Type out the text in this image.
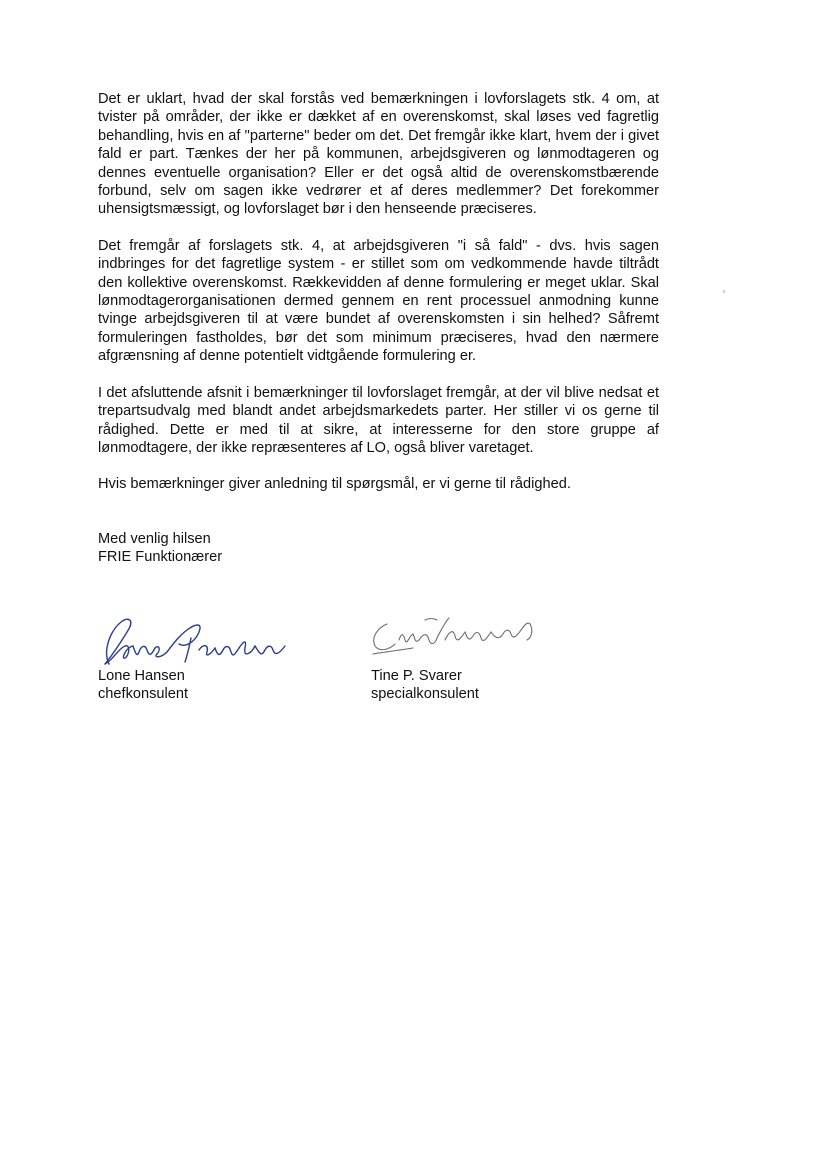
Det er uklart, hvad der skal forstås ved bemærkningen i lovforslagets stk. 4 om, at tvister på områder, der ikke er dækket af en overenskomst, skal løses ved fagretlig behandling, hvis en af "parterne" beder om det. Det fremgår ikke klart, hvem der i givet fald er part. Tænkes der her på kommunen, arbejdsgiveren og lønmodtageren og dennes eventuelle organisation? Eller er det også altid de overenskomstbærende forbund, selv om sagen ikke vedrører et af deres medlemmer? Det forekommer uhensigtsmæssigt, og lovforslaget bør i den henseende præciseres.

Det fremgår af forslagets stk. 4, at arbejdsgiveren "i så fald" - dvs. hvis sagen indbringes for det fagretlige system - er stillet som om vedkommende havde tiltrådt den kollektive overenskomst. Rækkevidden af denne formulering er meget uklar. Skal lønmodtagerorganisationen dermed gennem en rent processuel anmodning kunne tvinge arbejdsgiveren til at være bundet af overenskomsten i sin helhed? Såfremt formuleringen fastholdes, bør det som minimum præciseres, hvad den nærmere afgrænsning af denne potentielt vidtgående formulering er.

I det afsluttende afsnit i bemærkninger til lovforslaget fremgår, at der vil blive nedsat et trepartsudvalg med blandt andet arbejdsmarkedets parter. Her stiller vi os gerne til rådighed. Dette er med til at sikre, at interesserne for den store gruppe af lønmodtagere, der ikke repræsenteres af LO, også bliver varetaget.

Hvis bemærkninger giver anledning til spørgsmål, er vi gerne til rådighed.

Med venlig hilsen
FRIE Funktionærer
Lone Hansen
chefkonsulent
Tine P. Svarer
specialkonsulent
